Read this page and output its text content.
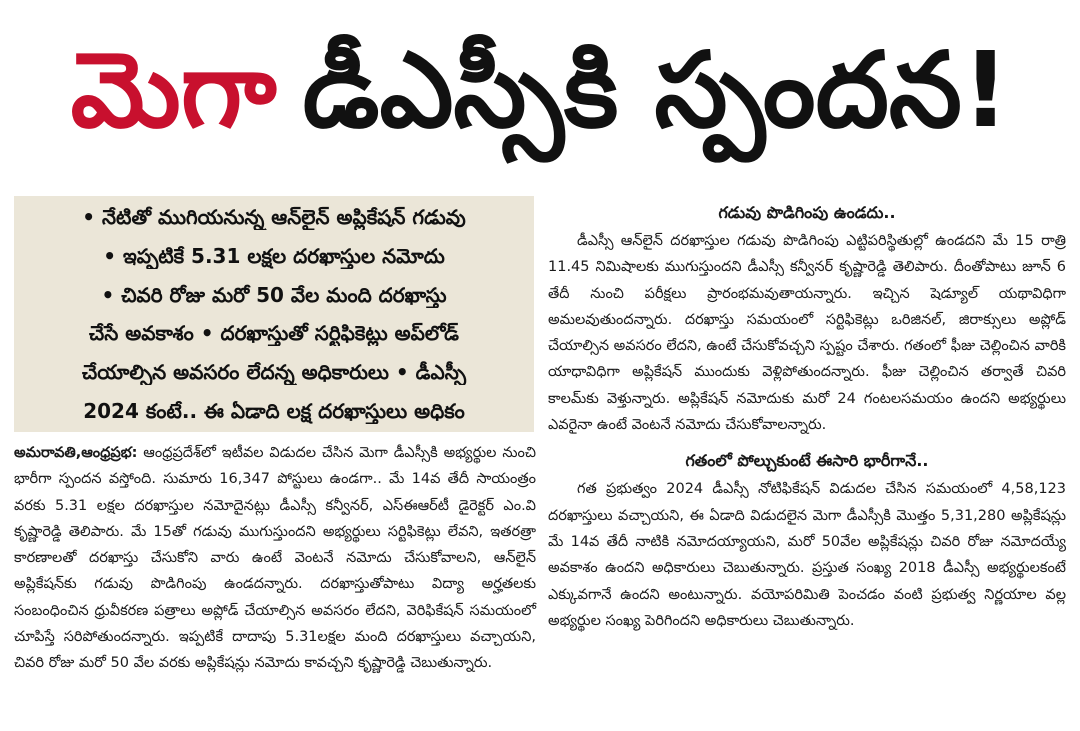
మెగా డీఎస్సీకి స్పందన!
• నేటితో ముగియనున్న ఆన్‌లైన్ అప్లికేషన్ గడువు
• ఇప్పటికే 5.31 లక్షల దరఖాస్తుల నమోదు
• చివరి రోజు మరో 50 వేల మంది దరఖాస్తు
చేసే అవకాశం • దరఖాస్తుతో సర్టిఫికెట్లు అప్‌లోడ్
చేయాల్సిన అవసరం లేదన్న అధికారులు • డీఎస్సీ
2024 కంటే.. ఈ ఏడాది లక్ష దరఖాస్తులు అధికం

అమరావతి,ఆంధ్రప్రభ: ఆంధ్రప్రదేశ్‌లో ఇటీవల విడుదల చేసిన మెగా డీఎస్సీకి అభ్యర్థుల నుంచి భారీగా స్పందన వస్తోంది. సుమారు 16,347 పోస్టులు ఉండగా.. మే 14వ తేదీ సాయంత్రం వరకు 5.31 లక్షల దరఖాస్తుల నమోదైనట్లు డీఎస్సీ కన్వీనర్, ఎస్ఈఆర్‌టీ డైరెక్టర్ ఎం.వి కృష్ణారెడ్డి తెలిపారు. మే 15తో గడువు ముగుస్తుందని అభ్యర్థులు సర్టిఫికెట్లు లేవని, ఇతరత్రా కారణాలతో దరఖాస్తు చేసుకోని వారు ఉంటే వెంటనే నమోదు చేసుకోవాలని, ఆన్‌లైన్ అప్లికేషన్‌కు గడువు పొడిగింపు ఉండదన్నారు. దరఖాస్తుతోపాటు విద్యా అర్హతలకు సంబంధించిన ధ్రువీకరణ పత్రాలు అప్లోడ్ చేయాల్సిన అవసరం లేదని, వెరిఫికేషన్ సమయంలో చూపిస్తే సరిపోతుందన్నారు. ఇప్పటికే దాదాపు 5.31లక్షల మంది దరఖాస్తులు వచ్చాయని, చివరి రోజు మరో 50 వేల వరకు అప్లికేషన్లు నమోదు కావచ్చని కృష్ణారెడ్డి చెబుతున్నారు.

గడువు పొడిగింపు ఉండదు..

డీఎస్సీ ఆన్‌లైన్ దరఖాస్తుల గడువు పొడిగింపు ఎట్టిపరిస్థితుల్లో ఉండదని మే 15 రాత్రి 11.45 నిమిషాలకు ముగుస్తుందని డీఎస్సీ కన్వీనర్ కృష్ణారెడ్డి తెలిపారు. దీంతోపాటు జూన్ 6 తేదీ నుంచి పరీక్షలు ప్రారంభమవుతాయన్నారు. ఇచ్చిన షెడ్యూల్ యథావిధిగా అమలవుతుందన్నారు. దరఖాస్తు సమయంలో సర్టిఫికెట్లు ఒరిజినల్, జిరాక్సులు అప్లోడ్ చేయాల్సిన అవసరం లేదని, ఉంటే చేసుకోవచ్చని స్పష్టం చేశారు. గతంలో ఫీజు చెల్లించిన వారికి యాధావిధిగా అప్లికేషన్ ముందుకు వెళ్లిపోతుందన్నారు. ఫీజు చెల్లించిన తర్వాతే చివరి కాలమ్‌కు వెళ్తున్నారు. అప్లికేషన్ నమోదుకు మరో 24 గంటలసమయం ఉందని అభ్యర్థులు ఎవరైనా ఉంటే వెంటనే నమోదు చేసుకోవాలన్నారు.

గతంలో పోల్చుకుంటే ఈసారి భారీగానే..

గత ప్రభుత్వం 2024 డీఎస్సీ నోటిఫికేషన్ విడుదల చేసిన సమయంలో 4,58,123 దరఖాస్తులు వచ్చాయని, ఈ ఏడాది విడుదలైన మెగా డీఎస్సీకి మొత్తం 5,31,280 అప్లికేషన్లు మే 14వ తేదీ నాటికి నమోదయ్యాయని, మరో 50వేల అప్లికేషన్లు చివరి రోజు నమోదయ్యే అవకాశం ఉందని అధికారులు చెబుతున్నారు. ప్రస్తుత సంఖ్య 2018 డీఎస్సీ అభ్యర్థులకంటే ఎక్కువగానే ఉందని అంటున్నారు. వయోపరిమితి పెంచడం వంటి ప్రభుత్వ నిర్ణయాల వల్ల అభ్యర్థుల సంఖ్య పెరిగిందని అధికారులు చెబుతున్నారు.
